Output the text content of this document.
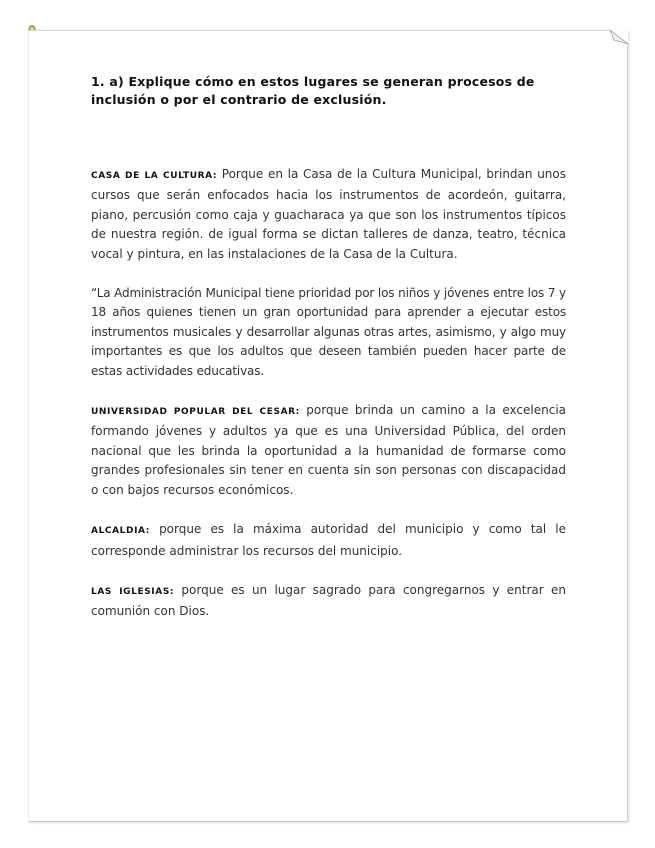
1. a) Explique cómo en estos lugares se generan procesos de inclusión o por el contrario de exclusión.

CASA DE LA CULTURA: Porque en la Casa de la Cultura Municipal, brindan unos cursos que serán enfocados hacia los instrumentos de acordeón, guitarra, piano, percusión como caja y guacharaca ya que son los instrumentos típicos de nuestra región. de igual forma se dictan talleres de danza, teatro, técnica vocal y pintura, en las instalaciones de la Casa de la Cultura.

“La Administración Municipal tiene prioridad por los niños y jóvenes entre los 7 y 18 años quienes tienen un gran oportunidad para aprender a ejecutar estos instrumentos musicales y desarrollar algunas otras artes, asimismo, y algo muy importantes es que los adultos que deseen también pueden hacer parte de estas actividades educativas.

UNIVERSIDAD POPULAR DEL CESAR: porque brinda un camino a la excelencia formando jóvenes y adultos ya que es una Universidad Pública, del orden nacional que les brinda la oportunidad a la humanidad de formarse como grandes profesionales sin tener en cuenta sin son personas con discapacidad o con bajos recursos económicos.

ALCALDIA: porque es la máxima autoridad del municipio y como tal le corresponde administrar los recursos del municipio.

LAS IGLESIAS: porque es un lugar sagrado para congregarnos y entrar en comunión con Dios.
